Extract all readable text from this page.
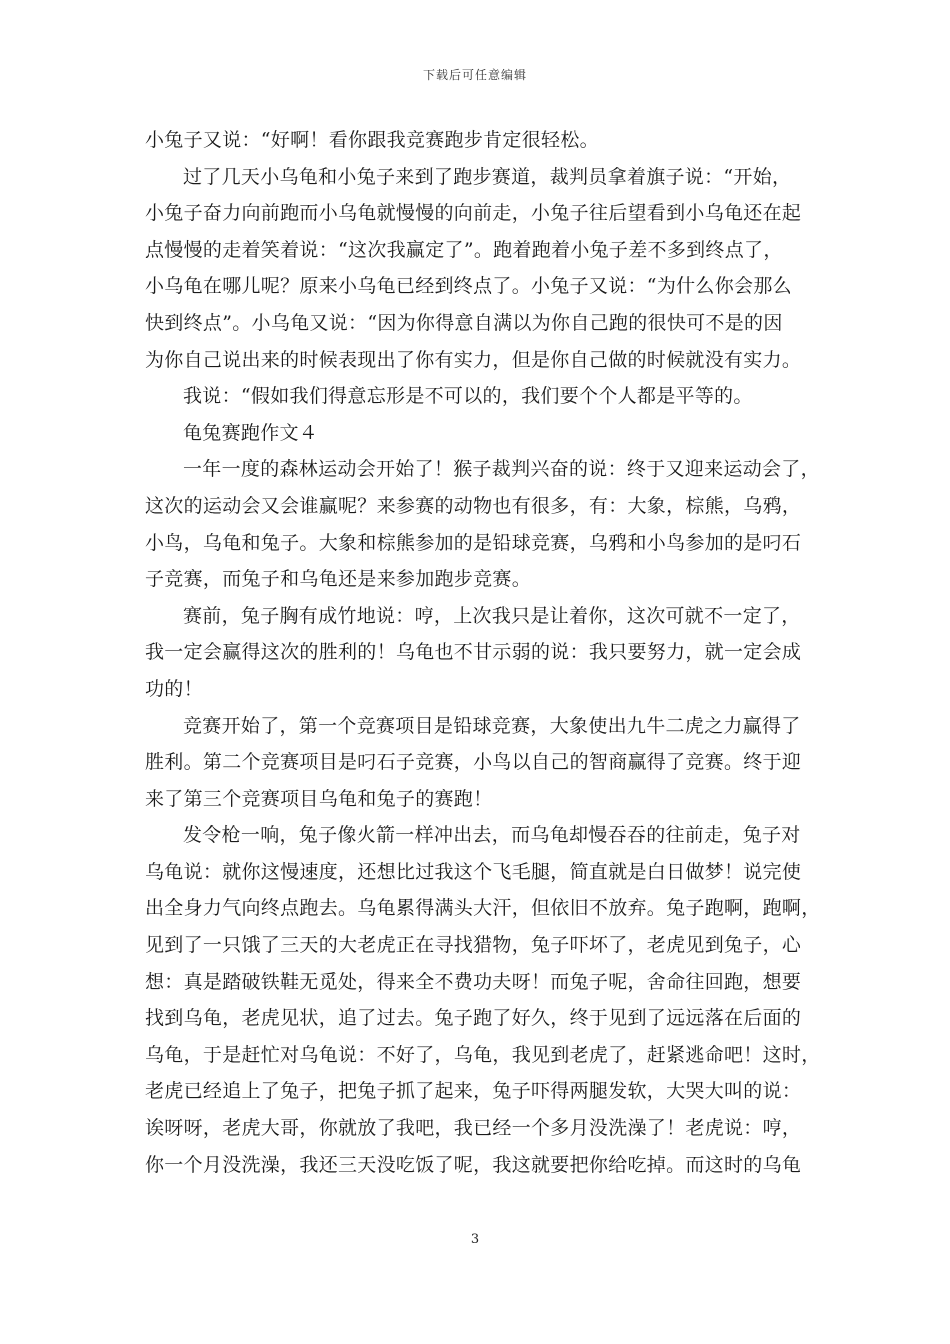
下载后可任意编辑
小兔子又说：“好啊！看你跟我竞赛跑步肯定很轻松。
过了几天小乌龟和小兔子来到了跑步赛道，裁判员拿着旗子说：“开始，
小兔子奋力向前跑而小乌龟就慢慢的向前走，小兔子往后望看到小乌龟还在起
点慢慢的走着笑着说：“这次我赢定了”。跑着跑着小兔子差不多到终点了，
小乌龟在哪儿呢？原来小乌龟已经到终点了。小兔子又说：“为什么你会那么
快到终点”。小乌龟又说：“因为你得意自满以为你自己跑的很快可不是的因
为你自己说出来的时候表现出了你有实力，但是你自己做的时候就没有实力。
我说：“假如我们得意忘形是不可以的，我们要个个人都是平等的。
龟兔赛跑作文４
一年一度的森林运动会开始了！猴子裁判兴奋的说：终于又迎来运动会了，
这次的运动会又会谁赢呢？来参赛的动物也有很多，有：大象，棕熊，乌鸦，
小鸟，乌龟和兔子。大象和棕熊参加的是铅球竞赛，乌鸦和小鸟参加的是叼石
子竞赛，而兔子和乌龟还是来参加跑步竞赛。
赛前，兔子胸有成竹地说：哼，上次我只是让着你，这次可就不一定了，
我一定会赢得这次的胜利的！乌龟也不甘示弱的说：我只要努力，就一定会成
功的！
竞赛开始了，第一个竞赛项目是铅球竞赛，大象使出九牛二虎之力赢得了
胜利。第二个竞赛项目是叼石子竞赛，小鸟以自己的智商赢得了竞赛。终于迎
来了第三个竞赛项目乌龟和兔子的赛跑！
发令枪一响，兔子像火箭一样冲出去，而乌龟却慢吞吞的往前走，兔子对
乌龟说：就你这慢速度，还想比过我这个飞毛腿，简直就是白日做梦！说完使
出全身力气向终点跑去。乌龟累得满头大汗，但依旧不放弃。兔子跑啊，跑啊，
见到了一只饿了三天的大老虎正在寻找猎物，兔子吓坏了，老虎见到兔子，心
想：真是踏破铁鞋无觅处，得来全不费功夫呀！而兔子呢，舍命往回跑，想要
找到乌龟，老虎见状，追了过去。兔子跑了好久，终于见到了远远落在后面的
乌龟，于是赶忙对乌龟说：不好了，乌龟，我见到老虎了，赶紧逃命吧！这时，
老虎已经追上了兔子，把兔子抓了起来，兔子吓得两腿发软，大哭大叫的说：
诶呀呀，老虎大哥，你就放了我吧，我已经一个多月没洗澡了！老虎说：哼，
你一个月没洗澡，我还三天没吃饭了呢，我这就要把你给吃掉。而这时的乌龟
3
